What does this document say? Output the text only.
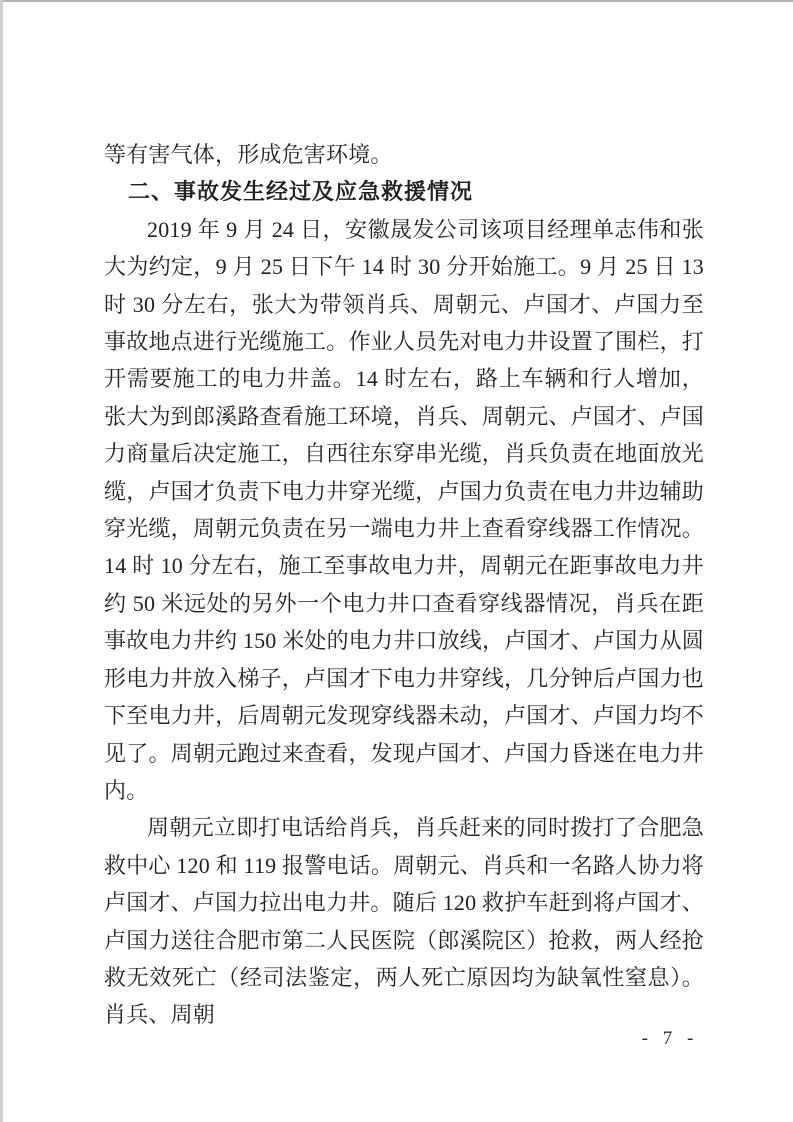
等有害气体，形成危害环境。

二、事故发生经过及应急救援情况

2019 年 9 月 24 日，安徽晟发公司该项目经理单志伟和张大为约定，9 月 25 日下午 14 时 30 分开始施工。9 月 25 日 13 时 30 分左右，张大为带领肖兵、周朝元、卢国才、卢国力至事故地点进行光缆施工。作业人员先对电力井设置了围栏，打开需要施工的电力井盖。14 时左右，路上车辆和行人增加，张大为到郎溪路查看施工环境，肖兵、周朝元、卢国才、卢国力商量后决定施工，自西往东穿串光缆，肖兵负责在地面放光缆，卢国才负责下电力井穿光缆，卢国力负责在电力井边辅助穿光缆，周朝元负责在另一端电力井上查看穿线器工作情况。14 时 10 分左右，施工至事故电力井，周朝元在距事故电力井约 50 米远处的另外一个电力井口查看穿线器情况，肖兵在距事故电力井约 150 米处的电力井口放线，卢国才、卢国力从圆形电力井放入梯子，卢国才下电力井穿线，几分钟后卢国力也下至电力井，后周朝元发现穿线器未动，卢国才、卢国力均不见了。周朝元跑过来查看，发现卢国才、卢国力昏迷在电力井内。

周朝元立即打电话给肖兵，肖兵赶来的同时拨打了合肥急救中心 120 和 119 报警电话。周朝元、肖兵和一名路人协力将卢国才、卢国力拉出电力井。随后 120 救护车赶到将卢国才、卢国力送往合肥市第二人民医院（郎溪院区）抢救，两人经抢救无效死亡（经司法鉴定，两人死亡原因均为缺氧性窒息）。肖兵、周朝

- 7 -
